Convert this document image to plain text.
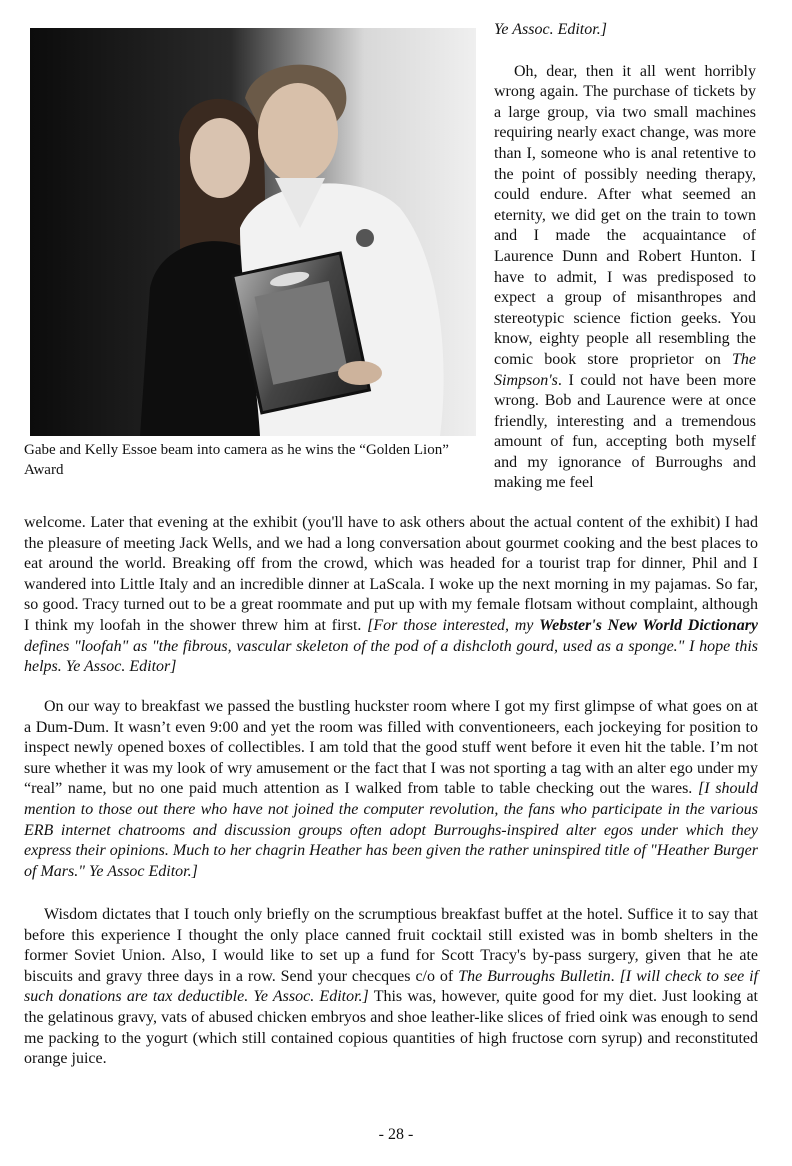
Gabe and Kelly Essoe beam into camera as he wins the “Golden Lion” Award

Ye Assoc. Editor.]

Oh, dear, then it all went horribly wrong again. The purchase of tickets by a large group, via two small machines requiring nearly exact change, was more than I, someone who is anal retentive to the point of possibly needing therapy, could endure. After what seemed an eternity, we did get on the train to town and I made the acquaintance of Laurence Dunn and Robert Hunton. I have to admit, I was predisposed to expect a group of misanthropes and stereotypic science fiction geeks. You know, eighty people all resembling the comic book store proprietor on The Simpson's. I could not have been more wrong. Bob and Laurence were at once friendly, interesting and a tremendous amount of fun, accepting both myself and my ignorance of Burroughs and making me feel

welcome. Later that evening at the exhibit (you'll have to ask others about the actual content of the exhibit) I had the pleasure of meeting Jack Wells, and we had a long conversation about gourmet cooking and the best places to eat around the world. Breaking off from the crowd, which was headed for a tourist trap for dinner, Phil and I wandered into Little Italy and an incredible dinner at LaScala. I woke up the next morning in my pajamas. So far, so good. Tracy turned out to be a great roommate and put up with my female flotsam without complaint, although I think my loofah in the shower threw him at first. [For those interested, my Webster's New World Dictionary defines "loofah" as "the fibrous, vascular skeleton of the pod of a dishcloth gourd, used as a sponge." I hope this helps. Ye Assoc. Editor]

On our way to breakfast we passed the bustling huckster room where I got my first glimpse of what goes on at a Dum-Dum. It wasn’t even 9:00 and yet the room was filled with conventioneers, each jockeying for position to inspect newly opened boxes of collectibles. I am told that the good stuff went before it even hit the table. I’m not sure whether it was my look of wry amusement or the fact that I was not sporting a tag with an alter ego under my “real” name, but no one paid much attention as I walked from table to table checking out the wares. [I should mention to those out there who have not joined the computer revolution, the fans who participate in the various ERB internet chatrooms and discussion groups often adopt Burroughs-inspired alter egos under which they express their opinions. Much to her chagrin Heather has been given the rather uninspired title of "Heather Burger of Mars." Ye Assoc Editor.]

Wisdom dictates that I touch only briefly on the scrumptious breakfast buffet at the hotel. Suffice it to say that before this experience I thought the only place canned fruit cocktail still existed was in bomb shelters in the former Soviet Union. Also, I would like to set up a fund for Scott Tracy's by-pass surgery, given that he ate biscuits and gravy three days in a row. Send your checques c/o of The Burroughs Bulletin. [I will check to see if such donations are tax deductible. Ye Assoc. Editor.] This was, however, quite good for my diet. Just looking at the gelatinous gravy, vats of abused chicken embryos and shoe leather-like slices of fried oink was enough to send me packing to the yogurt (which still contained copious quantities of high fructose corn syrup) and reconstituted orange juice.

- 28 -
